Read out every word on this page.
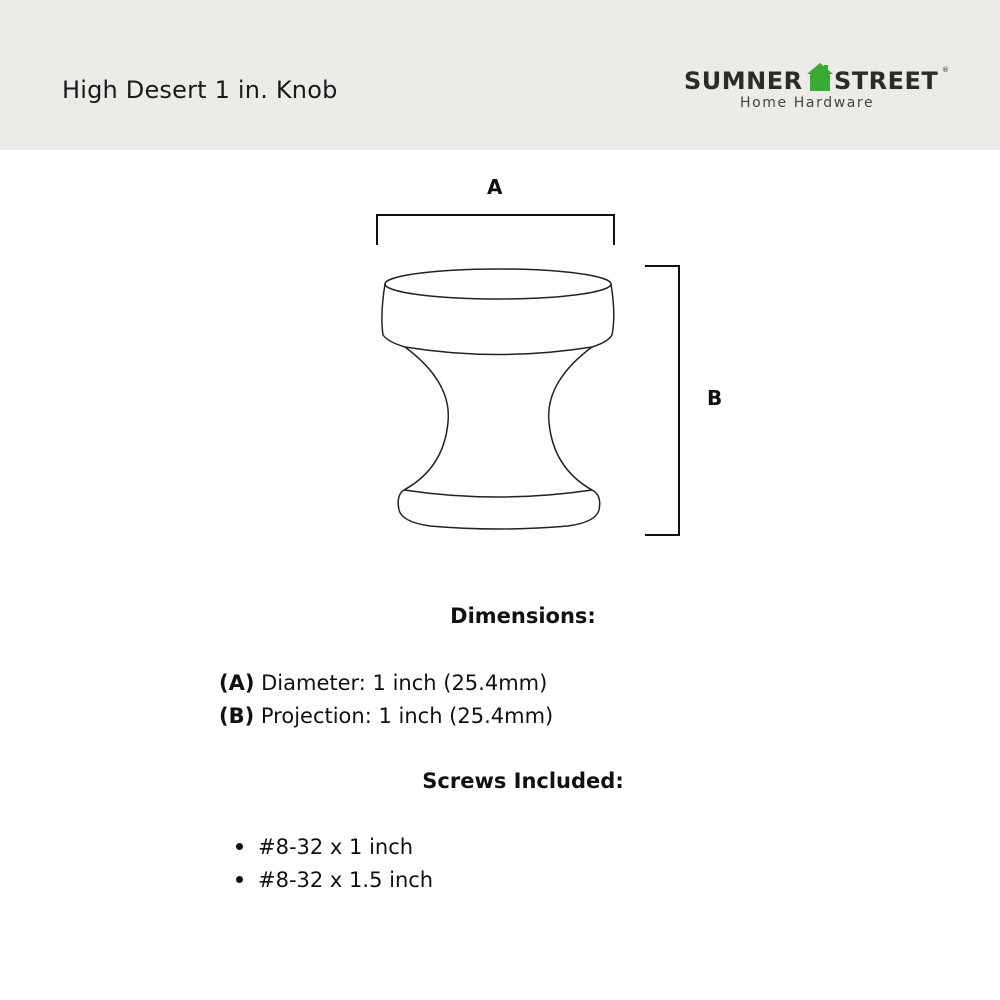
High Desert 1 in. Knob	SUMNER STREET ®
Home Hardware
A
B
Dimensions:
(A) Diameter: 1 inch (25.4mm)
(B) Projection: 1 inch (25.4mm)
Screws Included:
#8-32 x 1 inch
#8-32 x 1.5 inch
